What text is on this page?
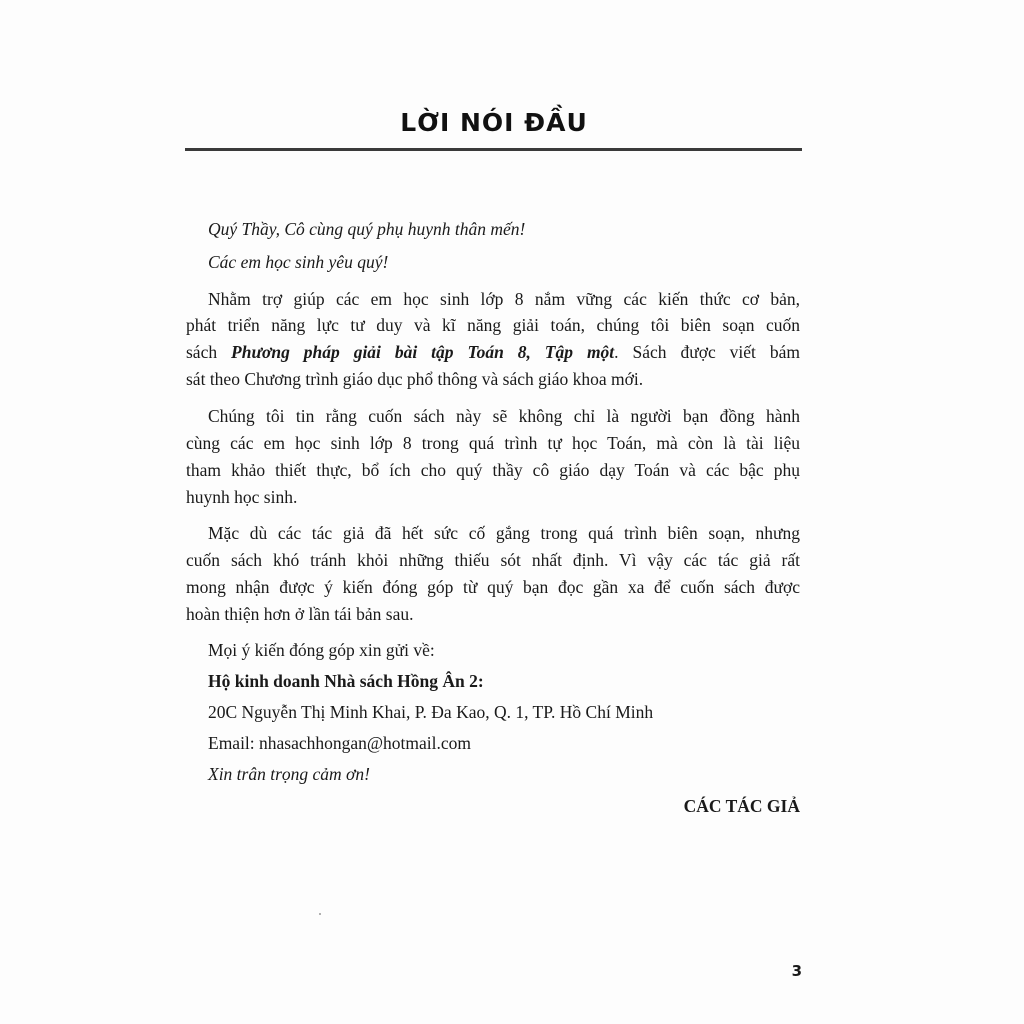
LỜI NÓI ĐẦU
Quý Thầy, Cô cùng quý phụ huynh thân mến!
Các em học sinh yêu quý!
Nhằm trợ giúp các em học sinh lớp 8 nắm vững các kiến thức cơ bản,
phát triển năng lực tư duy và kĩ năng giải toán, chúng tôi biên soạn cuốn
sách Phương pháp giải bài tập Toán 8, Tập một. Sách được viết bám
sát theo Chương trình giáo dục phổ thông và sách giáo khoa mới.
Chúng tôi tin rằng cuốn sách này sẽ không chỉ là người bạn đồng hành
cùng các em học sinh lớp 8 trong quá trình tự học Toán, mà còn là tài liệu
tham khảo thiết thực, bổ ích cho quý thầy cô giáo dạy Toán và các bậc phụ
huynh học sinh.
Mặc dù các tác giả đã hết sức cố gắng trong quá trình biên soạn, nhưng
cuốn sách khó tránh khỏi những thiếu sót nhất định. Vì vậy các tác giả rất
mong nhận được ý kiến đóng góp từ quý bạn đọc gần xa để cuốn sách được
hoàn thiện hơn ở lần tái bản sau.
Mọi ý kiến đóng góp xin gửi về:
Hộ kinh doanh Nhà sách Hồng Ân 2:
20C Nguyễn Thị Minh Khai, P. Đa Kao, Q. 1, TP. Hồ Chí Minh
Email: nhasachhongan@hotmail.com
Xin trân trọng cảm ơn!
CÁC TÁC GIẢ
3
